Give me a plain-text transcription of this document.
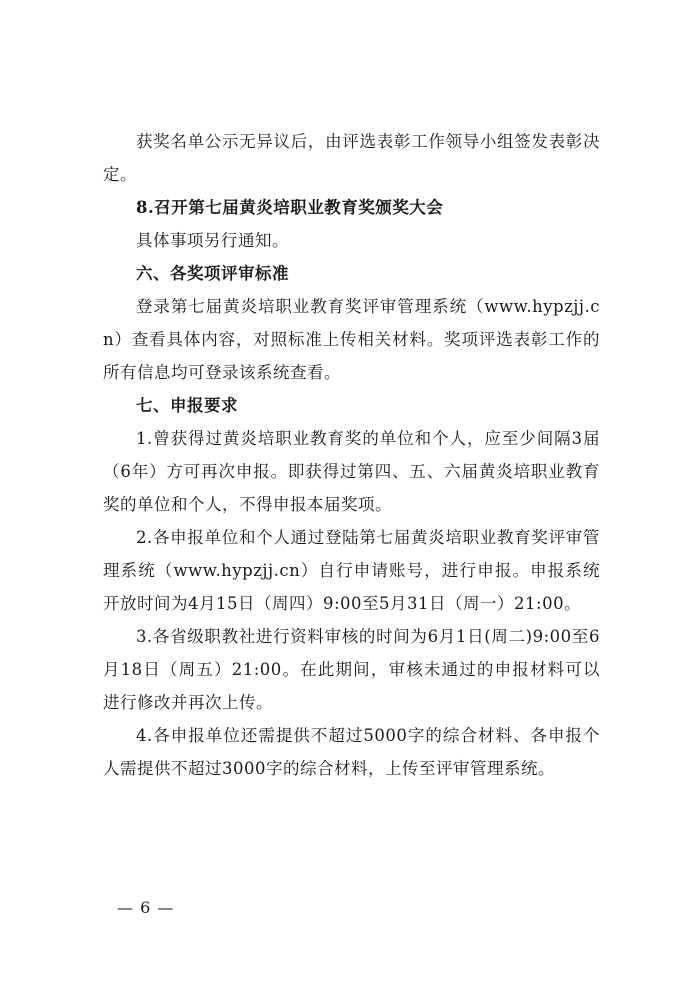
获奖名单公示无异议后，由评选表彰工作领导小组签发表彰决定。

8.召开第七届黄炎培职业教育奖颁奖大会

具体事项另行通知。

六、各奖项评审标准

登录第七届黄炎培职业教育奖评审管理系统（www.hypzjj.cn）查看具体内容，对照标准上传相关材料。奖项评选表彰工作的所有信息均可登录该系统查看。

七、申报要求

1.曾获得过黄炎培职业教育奖的单位和个人，应至少间隔3届（6年）方可再次申报。即获得过第四、五、六届黄炎培职业教育奖的单位和个人，不得申报本届奖项。

2.各申报单位和个人通过登陆第七届黄炎培职业教育奖评审管理系统（www.hypzjj.cn）自行申请账号，进行申报。申报系统开放时间为4月15日（周四）9:00至5月31日（周一）21:00。

3.各省级职教社进行资料审核的时间为6月1日(周二)9:00至6月18日（周五）21:00。在此期间，审核未通过的申报材料可以进行修改并再次上传。

4.各申报单位还需提供不超过5000字的综合材料、各申报个人需提供不超过3000字的综合材料，上传至评审管理系统。

— 6 —
